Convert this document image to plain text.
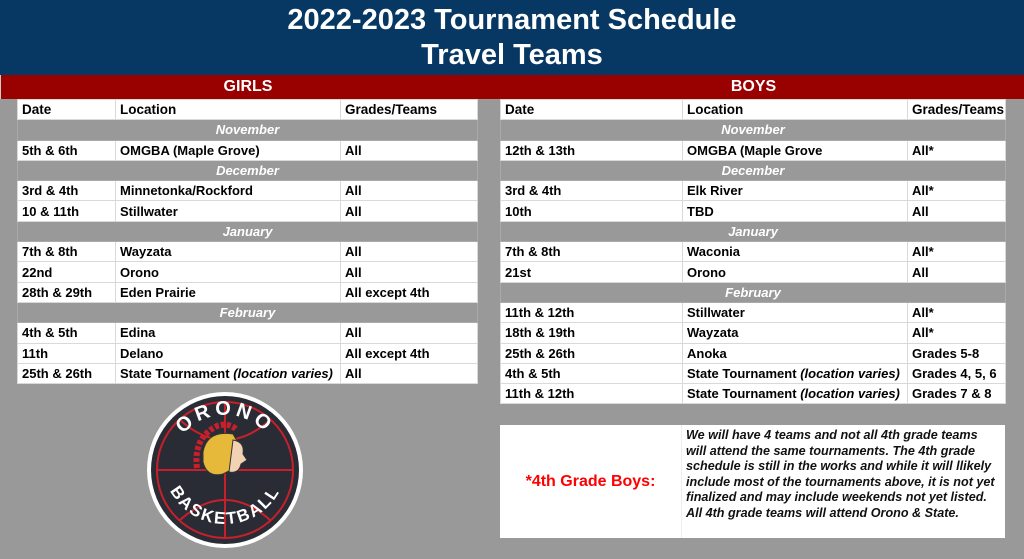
2022-2023 Tournament Schedule
Travel Teams
GIRLS	BOYS
Date	Location	Grades/Teams
November		
5th & 6th	OMGBA (Maple Grove)	All
December		
3rd & 4th	Minnetonka/Rockford	All
10 & 11th	Stillwater	All
January		
7th & 8th	Wayzata	All
22nd	Orono	All
28th & 29th	Eden Prairie	All except 4th
February		
4th & 5th	Edina	All
11th	Delano	All except 4th
25th & 26th	State Tournament (location varies)	All
Date	Location	Grades/Teams
November		
12th & 13th	OMGBA (Maple Grove	All*
December		
3rd & 4th	Elk River	All*
10th	TBD	All
January		
7th & 8th	Waconia	All*
21st	Orono	All
February		
11th & 12th	Stillwater	All*
18th & 19th	Wayzata	All*
25th & 26th	Anoka	Grades 5-8
4th & 5th	State Tournament (location varies)	Grades 4, 5, 6
11th & 12th	State Tournament (location varies)	Grades 7 & 8
*4th Grade Boys:
We will have 4 teams and not all 4th grade teams will attend the same tournaments. The 4th grade schedule is still in the works and while it will llikely include most of the tournaments above, it is not yet finalized and may include weekends not yet listed. All 4th grade teams will attend Orono & State.
ORONO
BASKETBALL
